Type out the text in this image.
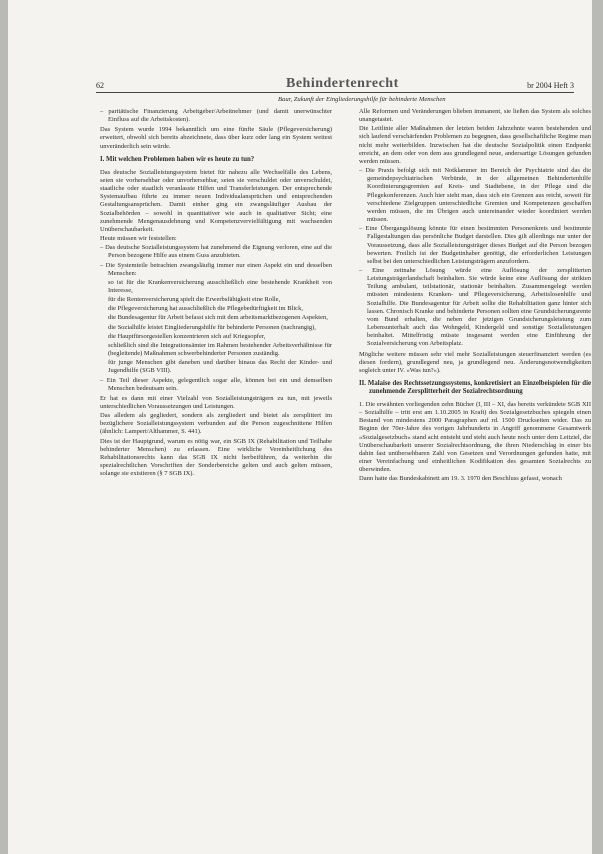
62	Behindertenrecht	br 2004 Heft 3
Baur, Zukunft der Eingliederungshilfe für behinderte Menschen
– paritätische Finanzierung Arbeitgeber/Arbeitnehmer (und damit unerwünschter Einfluss auf die Arbeitskosten).

Das System wurde 1994 bekanntlich um eine fünfte Säule (Pflegeversicherung) erweitert, obwohl sich bereits abzeichnete, dass über kurz oder lang ein System weitest unveränderlich sein würde.

I. Mit welchen Problemen haben wir es heute zu tun?

Das deutsche Sozialleistungssystem bietet für nahezu alle Wechselfälle des Lebens, seien sie vorhersehbar oder unvorhersehbar, seien sie verschuldet oder unverschuldet, staatliche oder staatlich veranlasste Hilfen und Transferleistungen. Der entsprechende Systemaufbau führte zu immer neuen Individualansprüchen und entsprechenden Gestaltungsansprüchen. Damit einher ging ein zwangsläufiger Ausbau der Sozialbehörden – sowohl in quantitativer wie auch in qualitativer Sicht; eine zunehmende Mengenausdehnung und Kompetenzvervielfältigung mit wachsenden Unüberschaubarkeit.

Heute müssen wir feststellen:

– Das deutsche Sozialleistungssystem hat zunehmend die Eignung verloren, eine auf die Person bezogene Hilfe aus einem Guss anzubieten.
– Die Systemteile betrachten zwangsläufig immer nur einen Aspekt ein und desselben Menschen:
so ist für die Krankenversicherung ausschließlich eine bestehende Krankheit von Interesse,
für die Rentenversicherung spielt die Erwerbsfähigkeit eine Rolle,
die Pflegeversicherung hat ausschließlich die Pflegebedürftigkeit im Blick,
die Bundesagentur für Arbeit befasst sich mit dem arbeitsmarktbezogenen Aspekten,
die Sozialhilfe leistet Eingliederungshilfe für behinderte Personen (nachrangig),
die Hauptfürsorgestellen konzentrieren sich auf Kriegsopfer,
schließlich sind die Integrationsämter im Rahmen bestehender Arbeitsverhältnisse für (begleitende) Maßnahmen schwerbehinderter Personen zuständig.
für junge Menschen gibt daneben und darüber hinaus das Recht der Kinder- und Jugendhilfe (SGB VIII).
– Ein Teil dieser Aspekte, gelegentlich sogar alle, können bei ein und demselben Menschen bedeutsam sein.

Er hat es dann mit einer Vielzahl von Sozialleistungsträgern zu tun, mit jeweils unterschiedlichen Voraussetzungen und Leistungen.

Das alledem als gegliedert, sondern als zergliedert und bietet als zersplittert im bezüglichere Sozialleistungssystem verbunden auf die Person zugeschnittene Hilfen (ähnlich: Lampert/Althammer, S. 441).

Dies ist der Hauptgrund, warum es nötig war, ein SGB IX (Rehabilitation und Teilhabe behinderter Menschen) zu erlassen. Eine wirkliche Vereinheitlichung des Rehabilitationsrechts kann das SGB IX nicht herbeiführen, da weiterhin die spezialrechtlichen Vorschriften der Sonderbereiche gelten und auch gelten müssen, solange sie existieren (§ 7 SGB IX).

Alle Reformen und Veränderungen blieben immanent, sie ließen das System als solches unangetastet.

Die Leitlinie aller Maßnahmen der letzten beiden Jahrzehnte waren bestehenden und sich laufend verschärfenden Problemen zu begegnen, dass gesellschaftliche Regime man nicht mehr weiterbilden. Inzwischen hat die deutsche Sozialpolitik einen Endpunkt erreicht, an dem oder von dem aus grundlegend neue, andersartige Lösungen gefunden werden müssen.

– Die Praxis befolgt sich mit Notklammer im Bereich der Psychiatrie sind das die gemeindepsychiatrischen Verbünde, in der allgemeinen Behindertenhilfe Koordinierungsgremien auf Kreis- und Stadtebene, in der Pflege sind die Pflegekonferenzen. Auch hier sieht man, dass sich ein Grenzen aus reicht, soweit für verschiedene Zielgruppen unterschiedliche Gremien und Kompetenzen geschaffen werden müssen, die im Übrigen auch untereinander wieder koordiniert werden müssen.
– Eine Übergangslösung könnte für einen bestimmten Personenkreis und bestimmte Fallgestaltungen das persönliche Budget darstellen. Dies gilt allerdings nur unter der Voraussetzung, dass alle Sozialleistungsträger dieses Budget auf die Person bezogen bewerten. Freilich ist der Budgetinhaber genötigt, die erforderlichen Leistungen selbst bei den unterschiedlichen Leistungsträgern anzufordern.
– Eine zeitnahe Lösung würde eine Auflösung der zersplitterten Leistungsträgerlandschaft beinhalten. Sie würde keine eine Auflösung der strikten Teilung ambulant, teilstationär, stationär beinhalten. Zusammengelegt werden müssten mindestens Kranken- und Pflegeversicherung, Arbeitslosenhilfe und Sozialhilfe. Die Bundesagentur für Arbeit sollte die Rehabilitation ganz hinter sich lassen. Chronisch Kranke und behinderte Personen sollten eine Grundsicherungsrente vom Bund erhalten, die neben der jetzigen Grundsicherungsleistung zum Lebensunterhalt auch das Wohngeld, Kindergeld und sonstige Sozialleistungen beinhaltet. Mittelfristig müsste insgesamt werden eine Einführung der Sozialversicherung von Arbeitsplatz.

Mögliche weitere müssen sehr viel mehr Sozialleistungen steuerfinanziert werden (es diesen fordern), grundlegend neu, ja grundlegend neu. Änderungsnotwendigkeiten sogleich unter IV. »Was tun?«).

II. Malaise des Rechtssetzungssystems, konkretisiert an Einzelbeispielen für die zunehmende Zersplitterheit der Sozialrechtsordnung

1. Die erwähnten vorliegenden zehn Bücher (I, III – XI, das bereits verkündete SGB XII – Sozialhilfe – tritt erst am 1.10.2005 in Kraft) des Sozialgesetzbuches spiegeln einen Bestand von mindestens 2000 Paragraphen auf rd. 1500 Druckseiten wider. Das zu Beginn der 70er-Jahre des vorigen Jahrhunderts in Angriff genommene Gesamtwerk »Sozialgesetzbuch« stand acht entsteht und steht auch heute noch unter dem Leitziel, die Unüberschaubarkeit unserer Sozialrechtsordnung, die ihren Niederschlag in einer bis dahin fast unübersehbaren Zahl von Gesetzen und Verordnungen gefunden hatte, mit einer Vereinfachung und einheitlichen Kodifikation des gesamten Sozialrechts zu überwinden.

Dann hatte das Bundeskabinett am 19. 3. 1970 den Beschluss gefasst, wonach
